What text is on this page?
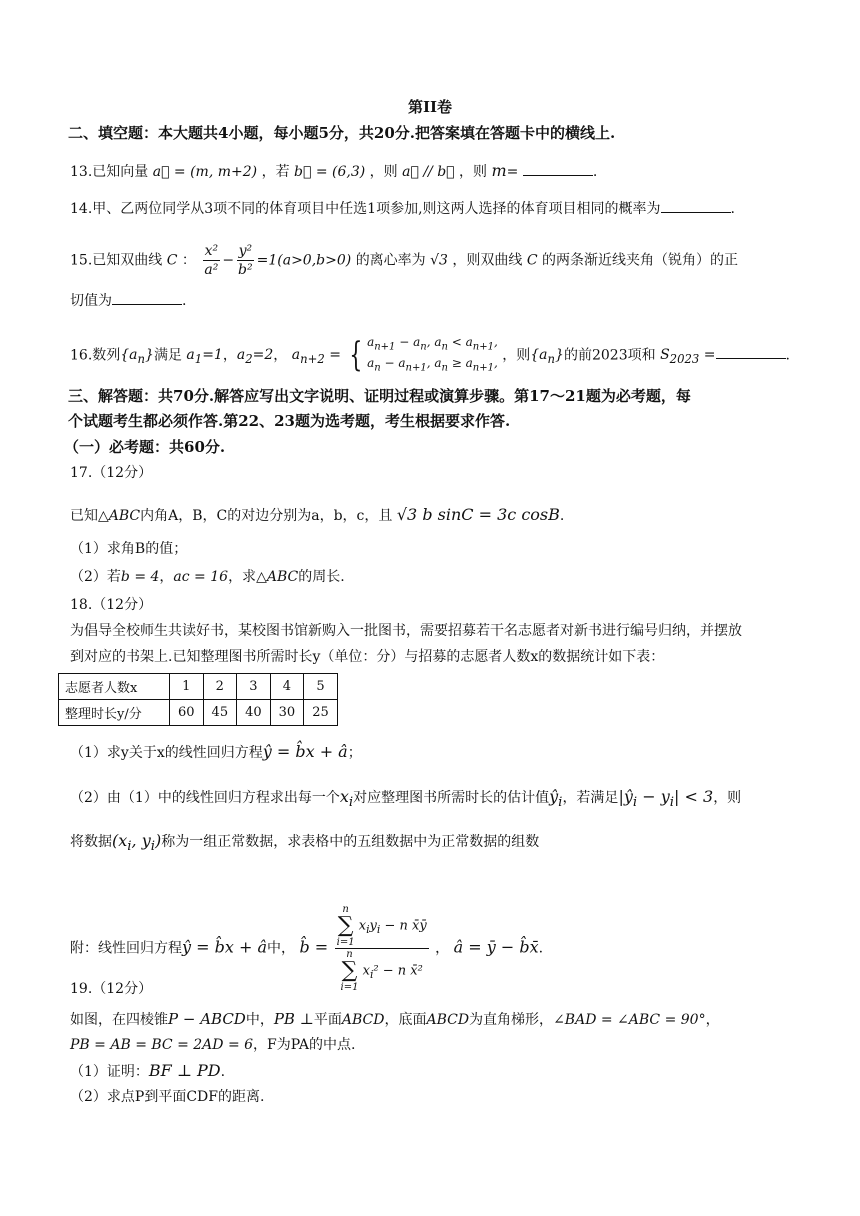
第II卷
二、填空题：本大题共4小题，每小题5分，共20分.把答案填在答题卡中的横线上.
13.已知向量 a⃗ = (m, m+2) ，若 b⃗ = (6,3) ，则 a⃗ // b⃗ ，则 m=	.
14.甲、乙两位同学从3项不同的体育项目中任选1项参加,则这两人选择的体育项目相同的概率为	.
15.已知双曲线 C ： $\frac{\text{x²}}{\text{a²}} - \frac{\text{y²}}{\text{b²}} =1(a>0,b>0)$ 的离心率为 √3 ，则双曲线 C 的两条渐近线夹角（锐角）的正
切值为	.
16.数列$\{a_n\}$满足 $a_1=1$，$a_2=2$， $a_{n+2}$ = { $a_{n+1} - a_n$, $a_n < a_{n+1}$,
$a_n - a_{n+1}$, $a_n \ge a_{n+1}$, ，则$\{a_n\}$的前2023项和 $S_{2023}$ =	.
三、解答题：共70分.解答应写出文字说明、证明过程或演算步骤。第17～21题为必考题，每
个试题考生都必须作答.第22、23题为选考题，考生根据要求作答.
（一）必考题：共60分.
17.（12分）
已知△ABC内角A，B，C的对边分别为a，b，c，且 √3 b sinC = 3c cosB.
（1）求角B的值；
（2）若b = 4，ac = 16，求△ABC的周长.
18.（12分）
为倡导全校师生共读好书，某校图书馆新购入一批图书，需要招募若干名志愿者对新书进行编号归纳，并摆放
到对应的书架上.已知整理图书所需时长y（单位：分）与招募的志愿者人数x的数据统计如下表：
志愿者人数x	1	2	3	4	5
整理时长y/分	60	45	40	30	25
（1）求y关于x的线性回归方程ŷ = b̂x + â；
（2）由（1）中的线性回归方程求出每一个$x_i$对应整理图书所需时长的估计值$ŷ_i$，若满足$|ŷ_i - y_i| < 3$，则
将数据($x_i$, $y_i$)称为一组正常数据，求表格中的五组数据中为正常数据的组数
附：线性回归方程ŷ = b̂x + â中， b̂ = n
∑
i=1
$x_iy_i - n$ x̄ȳ
n
∑
i=1
$x_i^2 - n$ x̄² ， â = ȳ − b̂x̄.
19.（12分）
如图，在四棱锥P − ABCD中，PB ⊥平面ABCD，底面ABCD为直角梯形，∠BAD = ∠ABC = 90°，
PB = AB = BC = 2AD = 6，F为PA的中点.
（1）证明：BF ⊥ PD.
（2）求点P到平面CDF的距离.
